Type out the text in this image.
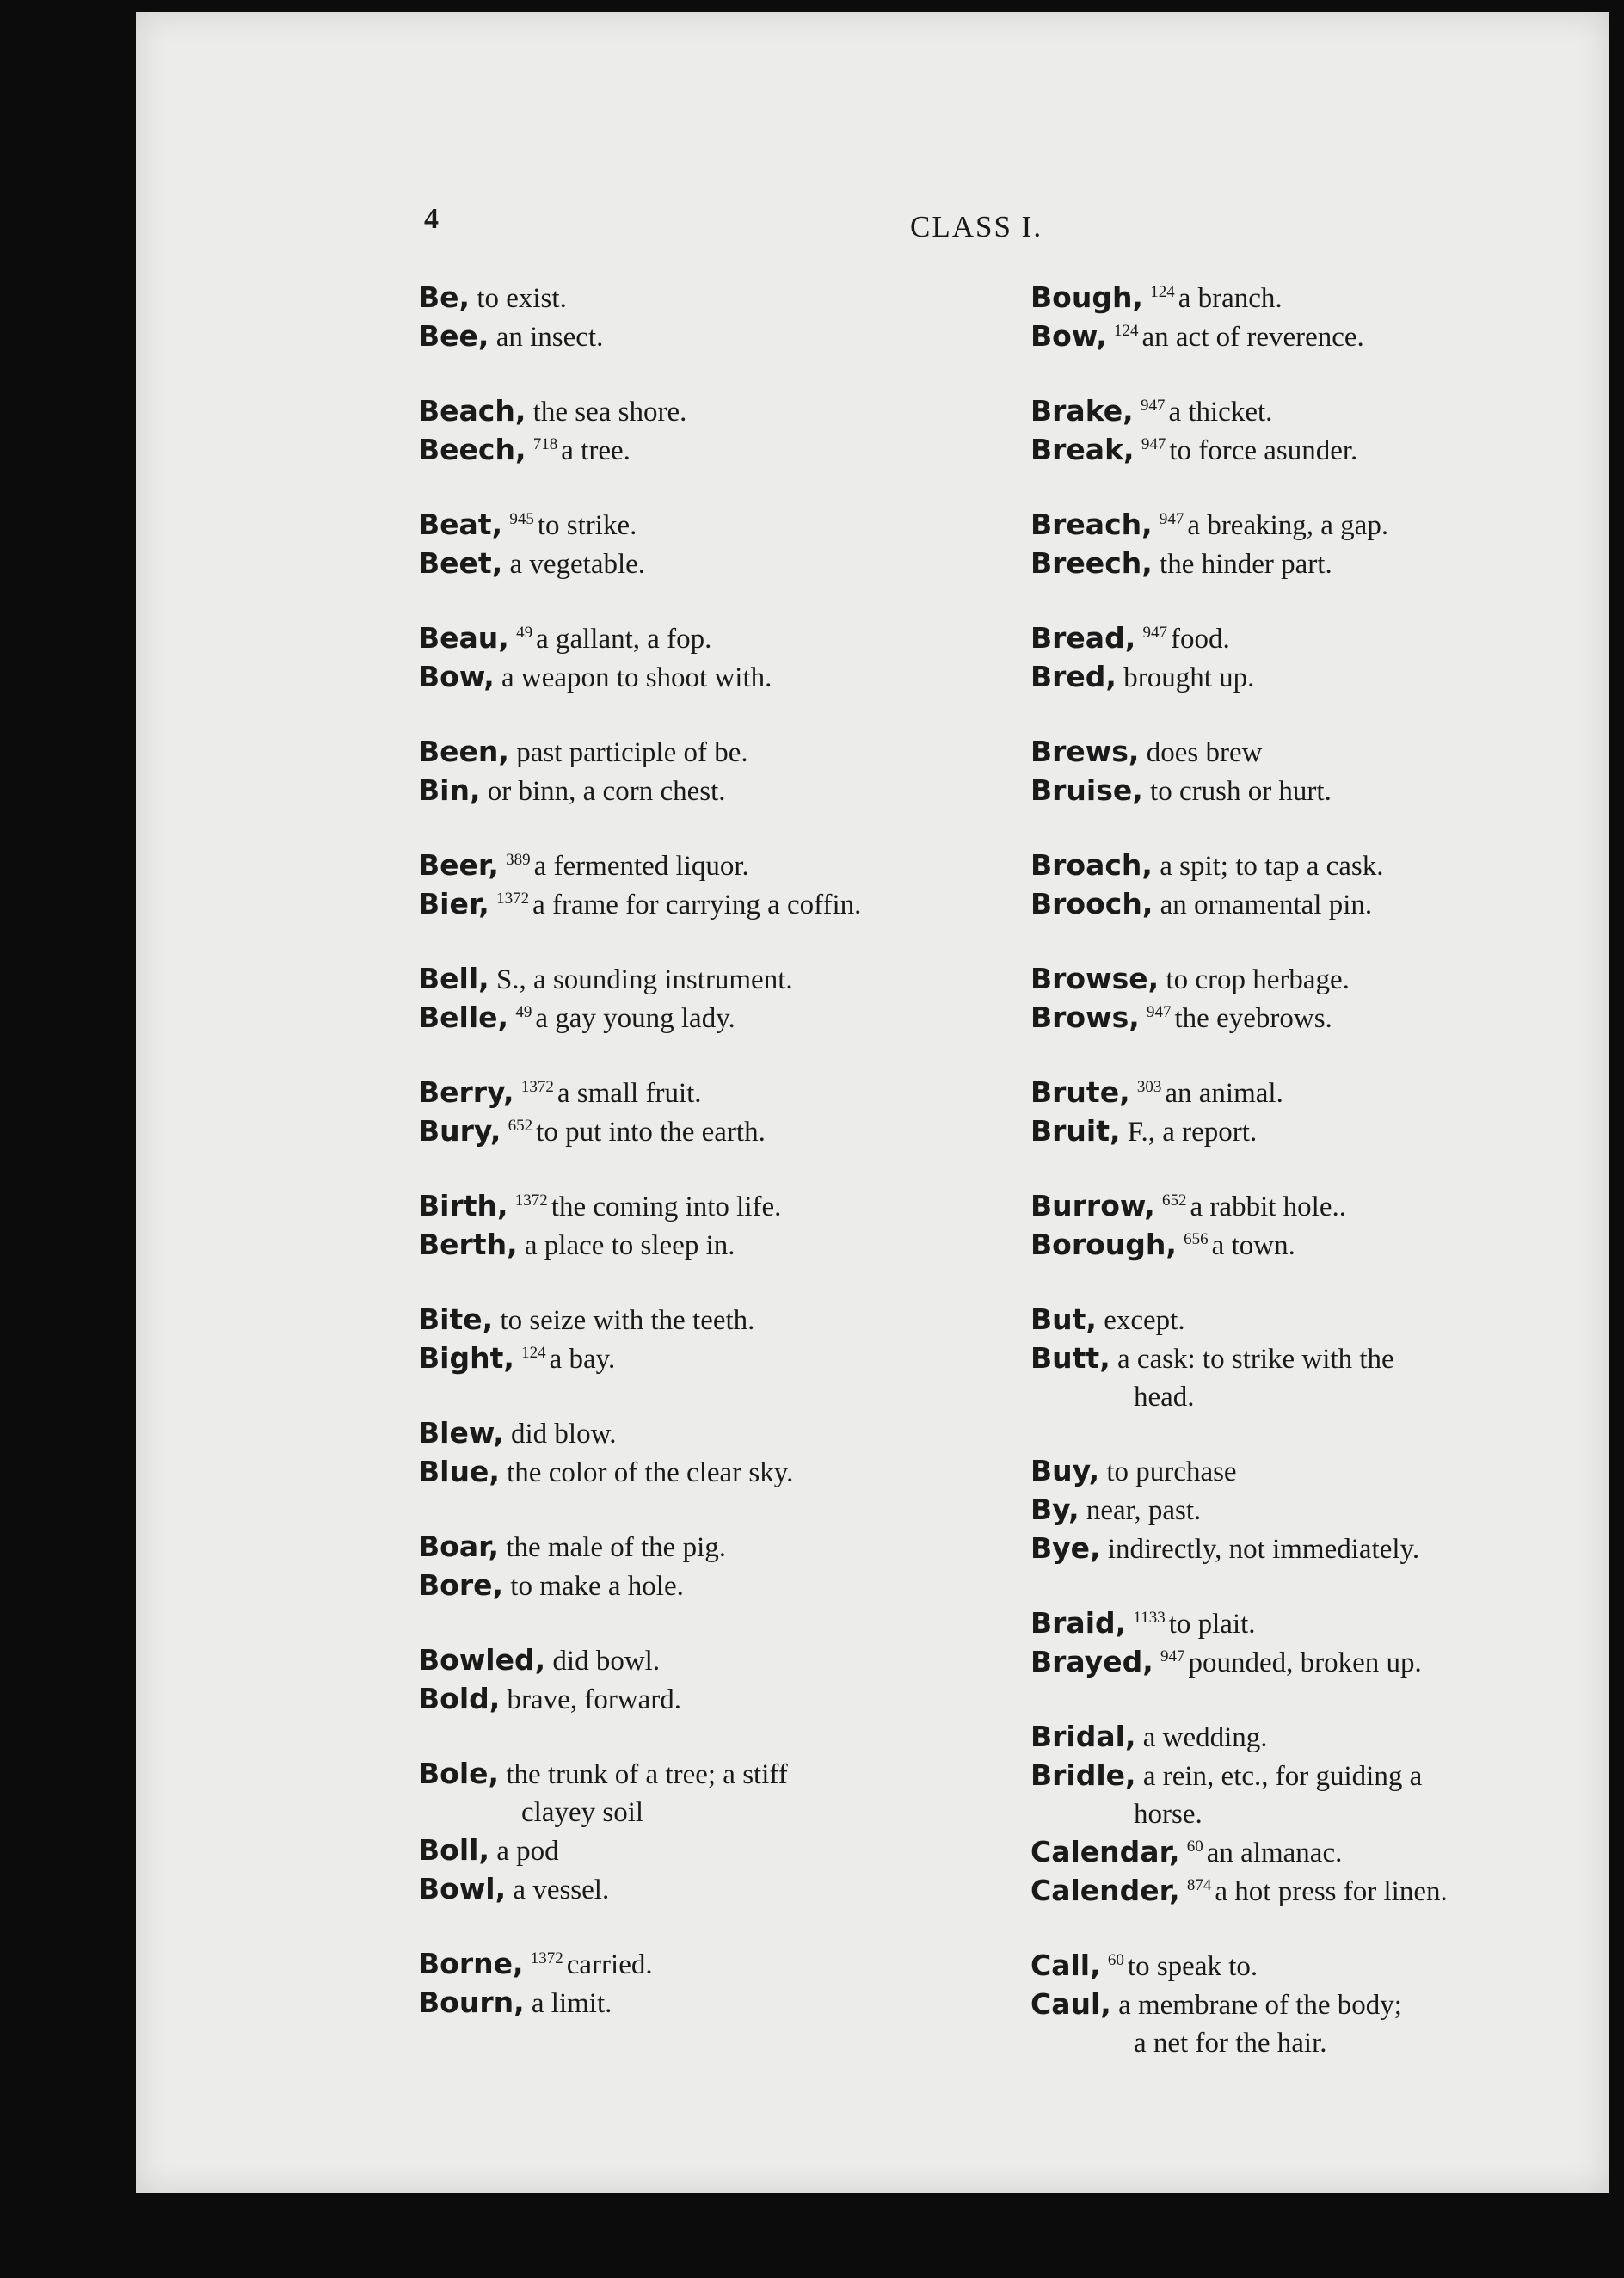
4	CLASS I.
Be, to exist.
Bee, an insect.
Beach, the sea shore.
Beech, $^{718}$ a tree.
Beat, $^{945}$ to strike.
Beet, a vegetable.
Beau, $^{49}$ a gallant, a fop.
Bow, a weapon to shoot with.
Been, past participle of be.
Bin, or binn, a corn chest.
Beer, $^{389}$ a fermented liquor.
Bier, $^{1372}$ a frame for carrying a coffin.
Bell, S., a sounding instrument.
Belle, $^{49}$ a gay young lady.
Berry, $^{1372}$ a small fruit.
Bury, $^{652}$ to put into the earth.
Birth, $^{1372}$ the coming into life.
Berth, a place to sleep in.
Bite, to seize with the teeth.
Bight, $^{124}$ a bay.
Blew, did blow.
Blue, the color of the clear sky.
Boar, the male of the pig.
Bore, to make a hole.
Bowled, did bowl.
Bold, brave, forward.
Bole, the trunk of a tree; a stiff
clayey soil
Boll, a pod
Bowl, a vessel.
Borne, $^{1372}$ carried.
Bourn, a limit.
Bough, $^{124}$ a branch.
Bow, $^{124}$ an act of reverence.
Brake, $^{947}$ a thicket.
Break, $^{947}$ to force asunder.
Breach, $^{947}$ a breaking, a gap.
Breech, the hinder part.
Bread, $^{947}$ food.
Bred, brought up.
Brews, does brew
Bruise, to crush or hurt.
Broach, a spit; to tap a cask.
Brooch, an ornamental pin.
Browse, to crop herbage.
Brows, $^{947}$ the eyebrows.
Brute, $^{303}$ an animal.
Bruit, F., a report.
Burrow, $^{652}$ a rabbit hole..
Borough, $^{656}$ a town.
But, except.
Butt, a cask: to strike with the
head.
Buy, to purchase
By, near, past.
Bye, indirectly, not immediately.
Braid, $^{1133}$ to plait.
Brayed, $^{947}$ pounded, broken up.
Bridal, a wedding.
Bridle, a rein, etc., for guiding a
horse.
Calendar, $^{60}$ an almanac.
Calender, $^{874}$ a hot press for linen.
Call, $^{60}$ to speak to.
Caul, a membrane of the body;
a net for the hair.
